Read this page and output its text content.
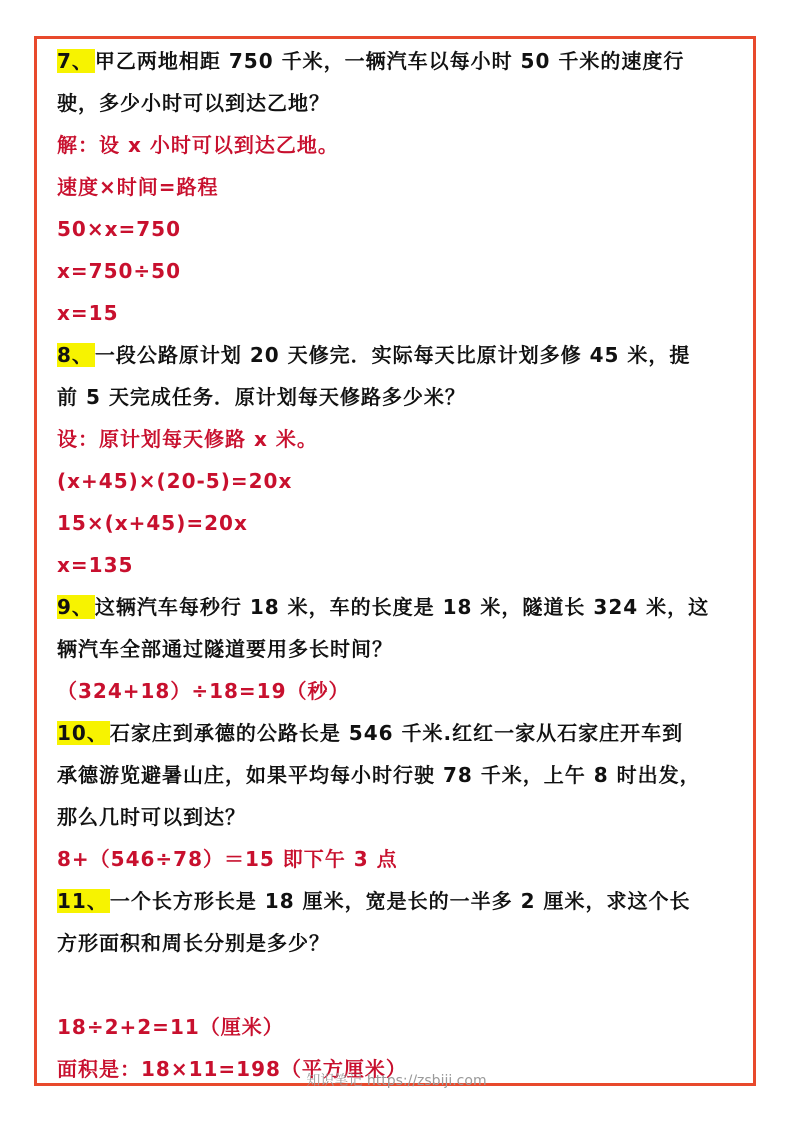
7、 甲乙两地相距 750 千米，一辆汽车以每小时 50 千米的速度行
驶，多少小时可以到达乙地？
解：设 x 小时可以到达乙地。
速度×时间=路程
50×x=750
x=750÷50
x=15
8、 一段公路原计划 20 天修完．实际每天比原计划多修 45 米，提
前 5 天完成任务．原计划每天修路多少米？
设：原计划每天修路 x 米。
(x+45)×(20-5)=20x
15×(x+45)=20x
x=135
9、 这辆汽车每秒行 18 米，车的长度是 18 米，隧道长 324 米，这
辆汽车全部通过隧道要用多长时间？
（324+18）÷18=19（秒）
10、 石家庄到承德的公路长是 546 千米.红红一家从石家庄开车到
承德游览避暑山庄，如果平均每小时行驶 78 千米，上午 8 时出发，
那么几时可以到达？
8+（546÷78）＝15 即下午 3 点
11、 一个长方形长是 18 厘米，宽是长的一半多 2 厘米，求这个长
方形面积和周长分别是多少？
18÷2+2=11（厘米）
面积是：18×11=198（平方厘米）
知识笔记 https://zsbiji.com
